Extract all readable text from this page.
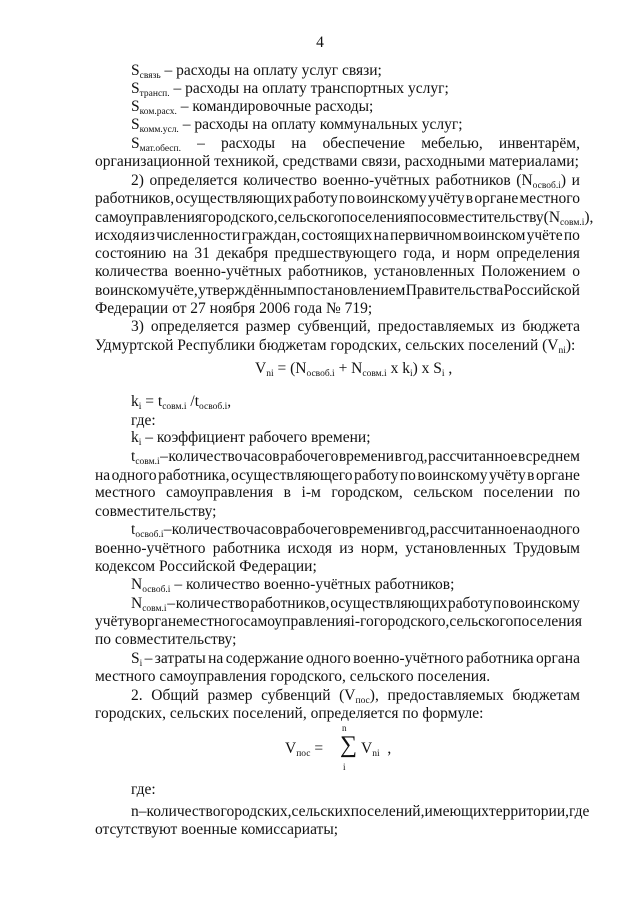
4
$S_{связь}$ – расходы на оплату услуг связи;
$S_{трансп.}$ – расходы на оплату транспортных услуг;
$S_{ком.расх.}$ – командировочные расходы;
$S_{комм.усл.}$ – расходы на оплату коммунальных услуг;
$S_{мат.обесп.}$ – расходы на обеспечение мебелью, инвентарём,
организационной техникой, средствами связи, расходными материалами;
2) определяется количество военно-учётных работников $(N_{освоб.i})$ и
работников, осуществляющих работу по воинскому учёту в органе местного
самоуправления городского, сельского поселения по совместительству $(N_{совм.i})$,
исходя из численности граждан, состоящих на первичном воинском учёте по
состоянию на 31 декабря предшествующего года, и норм определения
количества военно-учётных работников, установленных Положением о
воинском учёте, утверждённым постановлением Правительства Российской
Федерации от 27 ноября 2006 года № 719;
3) определяется размер субвенций, предоставляемых из бюджета
Удмуртской Республики бюджетам городских, сельских поселений $(V_{ni})$:
$V_{ni} = (N_{освоб.i} + N_{совм.i}$ x $k_i$) x $S_i$ ,
$k_i = t_{совм.i}$ $/t_{освоб.i}$,
где:
$k_i$ – коэффициент рабочего времени;
$t_{совм.i}$ – количество часов рабочего времени в год, рассчитанное в среднем
на одного работника, осуществляющего работу по воинскому учёту в органе
местного самоуправления в i-м городском, сельском поселении по
совместительству;
$t_{освоб.i}$ – количество часов рабочего времени в год, рассчитанное на одного
военно-учётного работника исходя из норм, установленных Трудовым
кодексом Российской Федерации;
$N_{освоб.i}$ – количество военно-учётных работников;
$N_{совм.i}$ – количество работников, осуществляющих работу по воинскому
учёту в органе местного самоуправления i-го городского, сельского поселения
по совместительству;
$S_i$ – затраты на содержание одного военно-учётного работника органа
местного самоуправления городского, сельского поселения.
2. Общий размер субвенций $(V_{пос})$, предоставляемых бюджетам
городских, сельских поселений, определяется по формуле:
$V_{пос} = V_{ni}$  ,
где:
n – количество городских, сельских поселений, имеющих территории, где
отсутствуют военные комиссариаты;
n
i
∑
